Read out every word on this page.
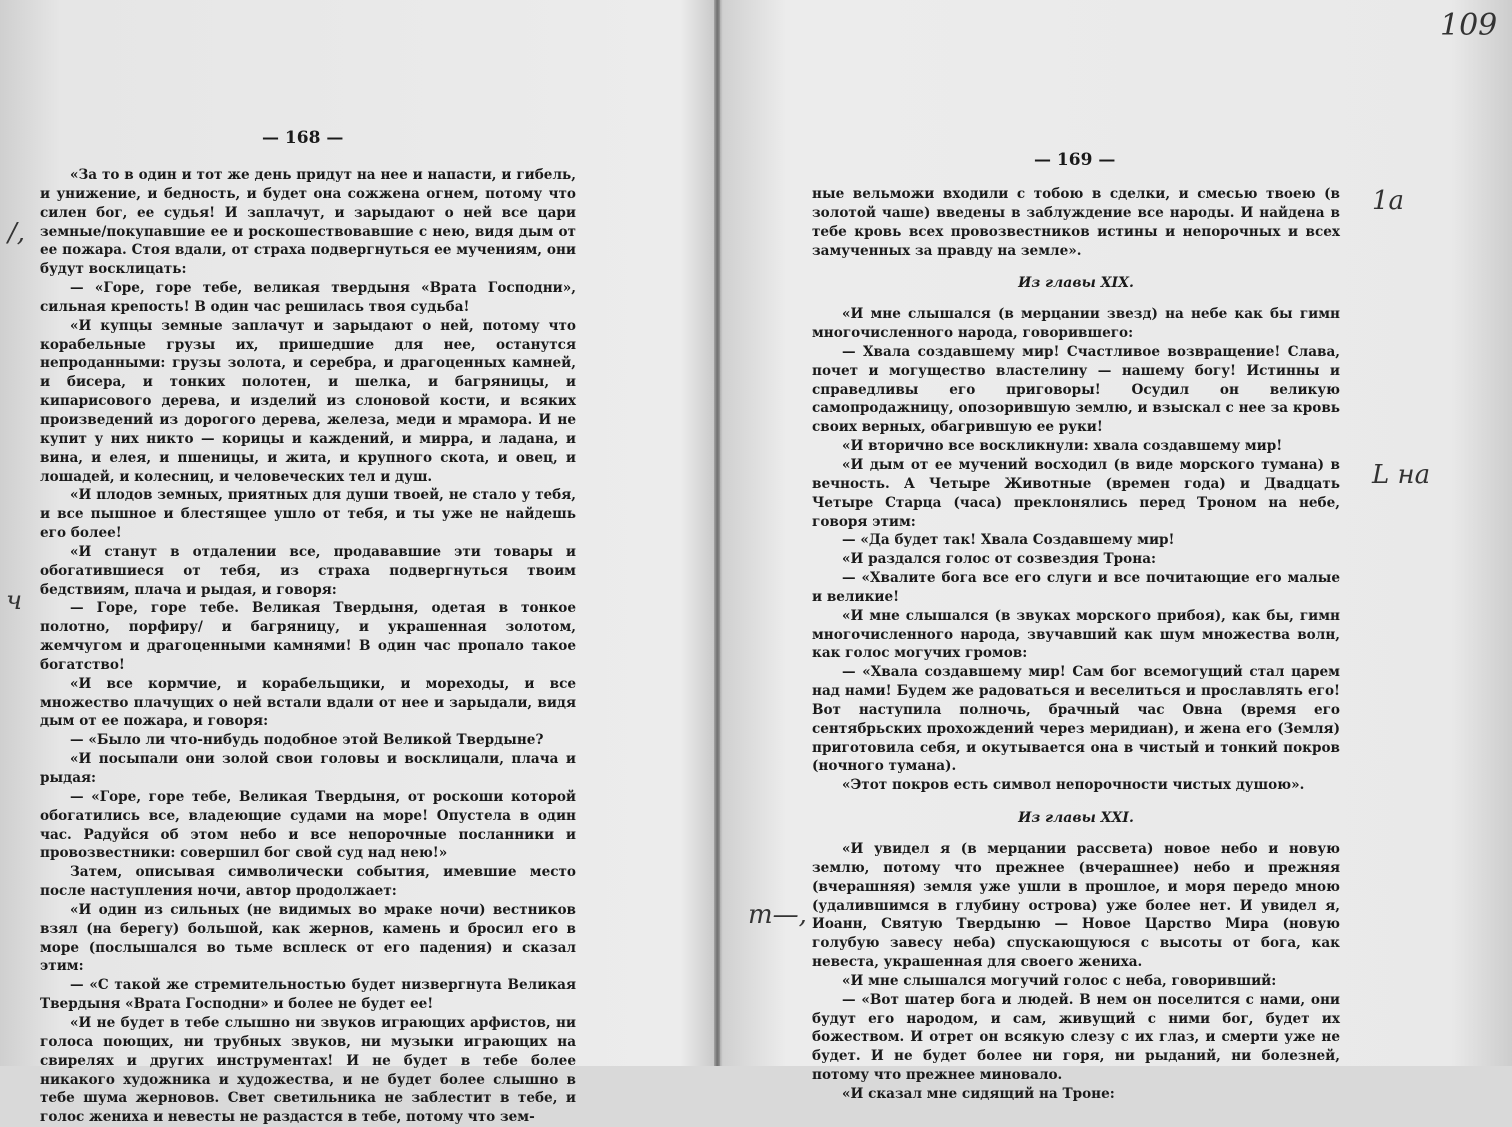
— 168 —

«За то в один и тот же день придут на нее и напасти, и гибель, и унижение, и бедность, и будет она сожжена огнем, потому что силен бог, ее судья! И заплачут, и зарыдают о ней все цари земные/покупавшие ее и роскошествовавшие с нею, видя дым от ее пожара. Стоя вдали, от страха подвергнуться ее мучениям, они будут восклицать:

— «Горе, горе тебе, великая твердыня «Врата Господни», сильная крепость! В один час решилась твоя судьба!

«И купцы земные заплачут и зарыдают о ней, потому что корабельные грузы их, пришедшие для нее, останутся непроданными: грузы золота, и серебра, и драгоценных камней, и бисера, и тонких полотен, и шелка, и багряницы, и кипарисового дерева, и изделий из слоновой кости, и всяких произведений из дорогого дерева, железа, меди и мрамора. И не купит у них никто — корицы и каждений, и мирра, и ладана, и вина, и елея, и пшеницы, и жита, и крупного скота, и овец, и лошадей, и колесниц, и человеческих тел и душ.

«И плодов земных, приятных для души твоей, не стало у тебя, и все пышное и блестящее ушло от тебя, и ты уже не найдешь его более!

«И станут в отдалении все, продававшие эти товары и обогатившиеся от тебя, из страха подвергнуться твоим бедствиям, плача и рыдая, и говоря:

— Горе, горе тебе. Великая Твердыня, одетая в тонкое полотно, порфиру/ и багряницу, и украшенная золотом, жемчугом и драгоценными камнями! В один час пропало такое богатство!

«И все кормчие, и корабельщики, и мореходы, и все множество плачущих о ней встали вдали от нее и зарыдали, видя дым от ее пожара, и говоря:

— «Было ли что-нибудь подобное этой Великой Твердыне?

«И посыпали они золой свои головы и восклицали, плача и рыдая:

— «Горе, горе тебе, Великая Твердыня, от роскоши которой обогатились все, владеющие судами на море! Опустела в один час. Радуйся об этом небо и все непорочные посланники и провозвестники: совершил бог свой суд над нею!»

Затем, описывая символически события, имевшие место после наступления ночи, автор продолжает:

«И один из сильных (не видимых во мраке ночи) вестников взял (на берегу) большой, как жернов, камень и бросил его в море (послышался во тьме всплеск от его падения) и сказал этим:

— «С такой же стремительностью будет низвергнута Великая Твердыня «Врата Господни» и более не будет ее!

«И не будет в тебе слышно ни звуков играющих арфистов, ни голоса поющих, ни трубных звуков, ни музыки играющих на свирелях и других инструментах! И не будет в тебе более никакого художника и художества, и не будет более слышно в тебе шума жерновов. Свет светильника не заблестит в тебе, и голос жениха и невесты не раздастся в тебе, потому что зем-

— 169 —

ные вельможи входили с тобою в сделки, и смесью твоею (в золотой чаше) введены в заблуждение все народы. И найдена в тебе кровь всех провозвестников истины и непорочных и всех замученных за правду на земле».

Из главы XIX.

«И мне слышался (в мерцании звезд) на небе как бы гимн многочисленного народа, говорившего:

— Хвала создавшему мир! Счастливое возвращение! Слава, почет и могущество властелину — нашему богу! Истинны и справедливы его приговоры! Осудил он великую самопродажницу, опозорившую землю, и взыскал с нее за кровь своих верных, обагрившую ее руки!

«И вторично все воскликнули: хвала создавшему мир!

«И дым от ее мучений восходил (в виде морского тумана) в вечность. А Четыре Животные (времен года) и Двадцать Четыре Старца (часа) преклонялись перед Троном на небе, говоря этим:

— «Да будет так! Хвала Создавшему мир!

«И раздался голос от созвездия Трона:

— «Хвалите бога все его слуги и все почитающие его малые и великие!

«И мне слышался (в звуках морского прибоя), как бы, гимн многочисленного народа, звучавший как шум множества волн, как голос могучих громов:

— «Хвала создавшему мир! Сам бог всемогущий стал царем над нами! Будем же радоваться и веселиться и прославлять его! Вот наступила полночь, брачный час Овна (время его сентябрьских прохождений через меридиан), и жена его (Земля) приготовила себя, и окутывается она в чистый и тонкий покров (ночного тумана).

«Этот покров есть символ непорочности чистых душою».

Из главы XXI.

«И увидел я (в мерцании рассвета) новое небо и новую землю, потому что прежнее (вчерашнее) небо и прежняя (вчерашняя) земля уже ушли в прошлое, и моря передо мною (удалившимся в глубину острова) уже более нет. И увидел я, Иоанн, Святую Твердыню — Новое Царство Мира (новую голубую завесу неба) спускающуюся с высоты от бога, как невеста, украшенная для своего жениха.

«И мне слышался могучий голос с неба, говоривший:

— «Вот шатер бога и людей. В нем он поселится с нами, они будут его народом, и сам, живущий с ними бог, будет их божеством. И отрет он всякую слезу с их глаз, и смерти уже не будет. И не будет более ни горя, ни рыданий, ни болезней, потому что прежнее миновало.

«И сказал мне сидящий на Троне:

109
1а
L на
т—,
/,
ч
